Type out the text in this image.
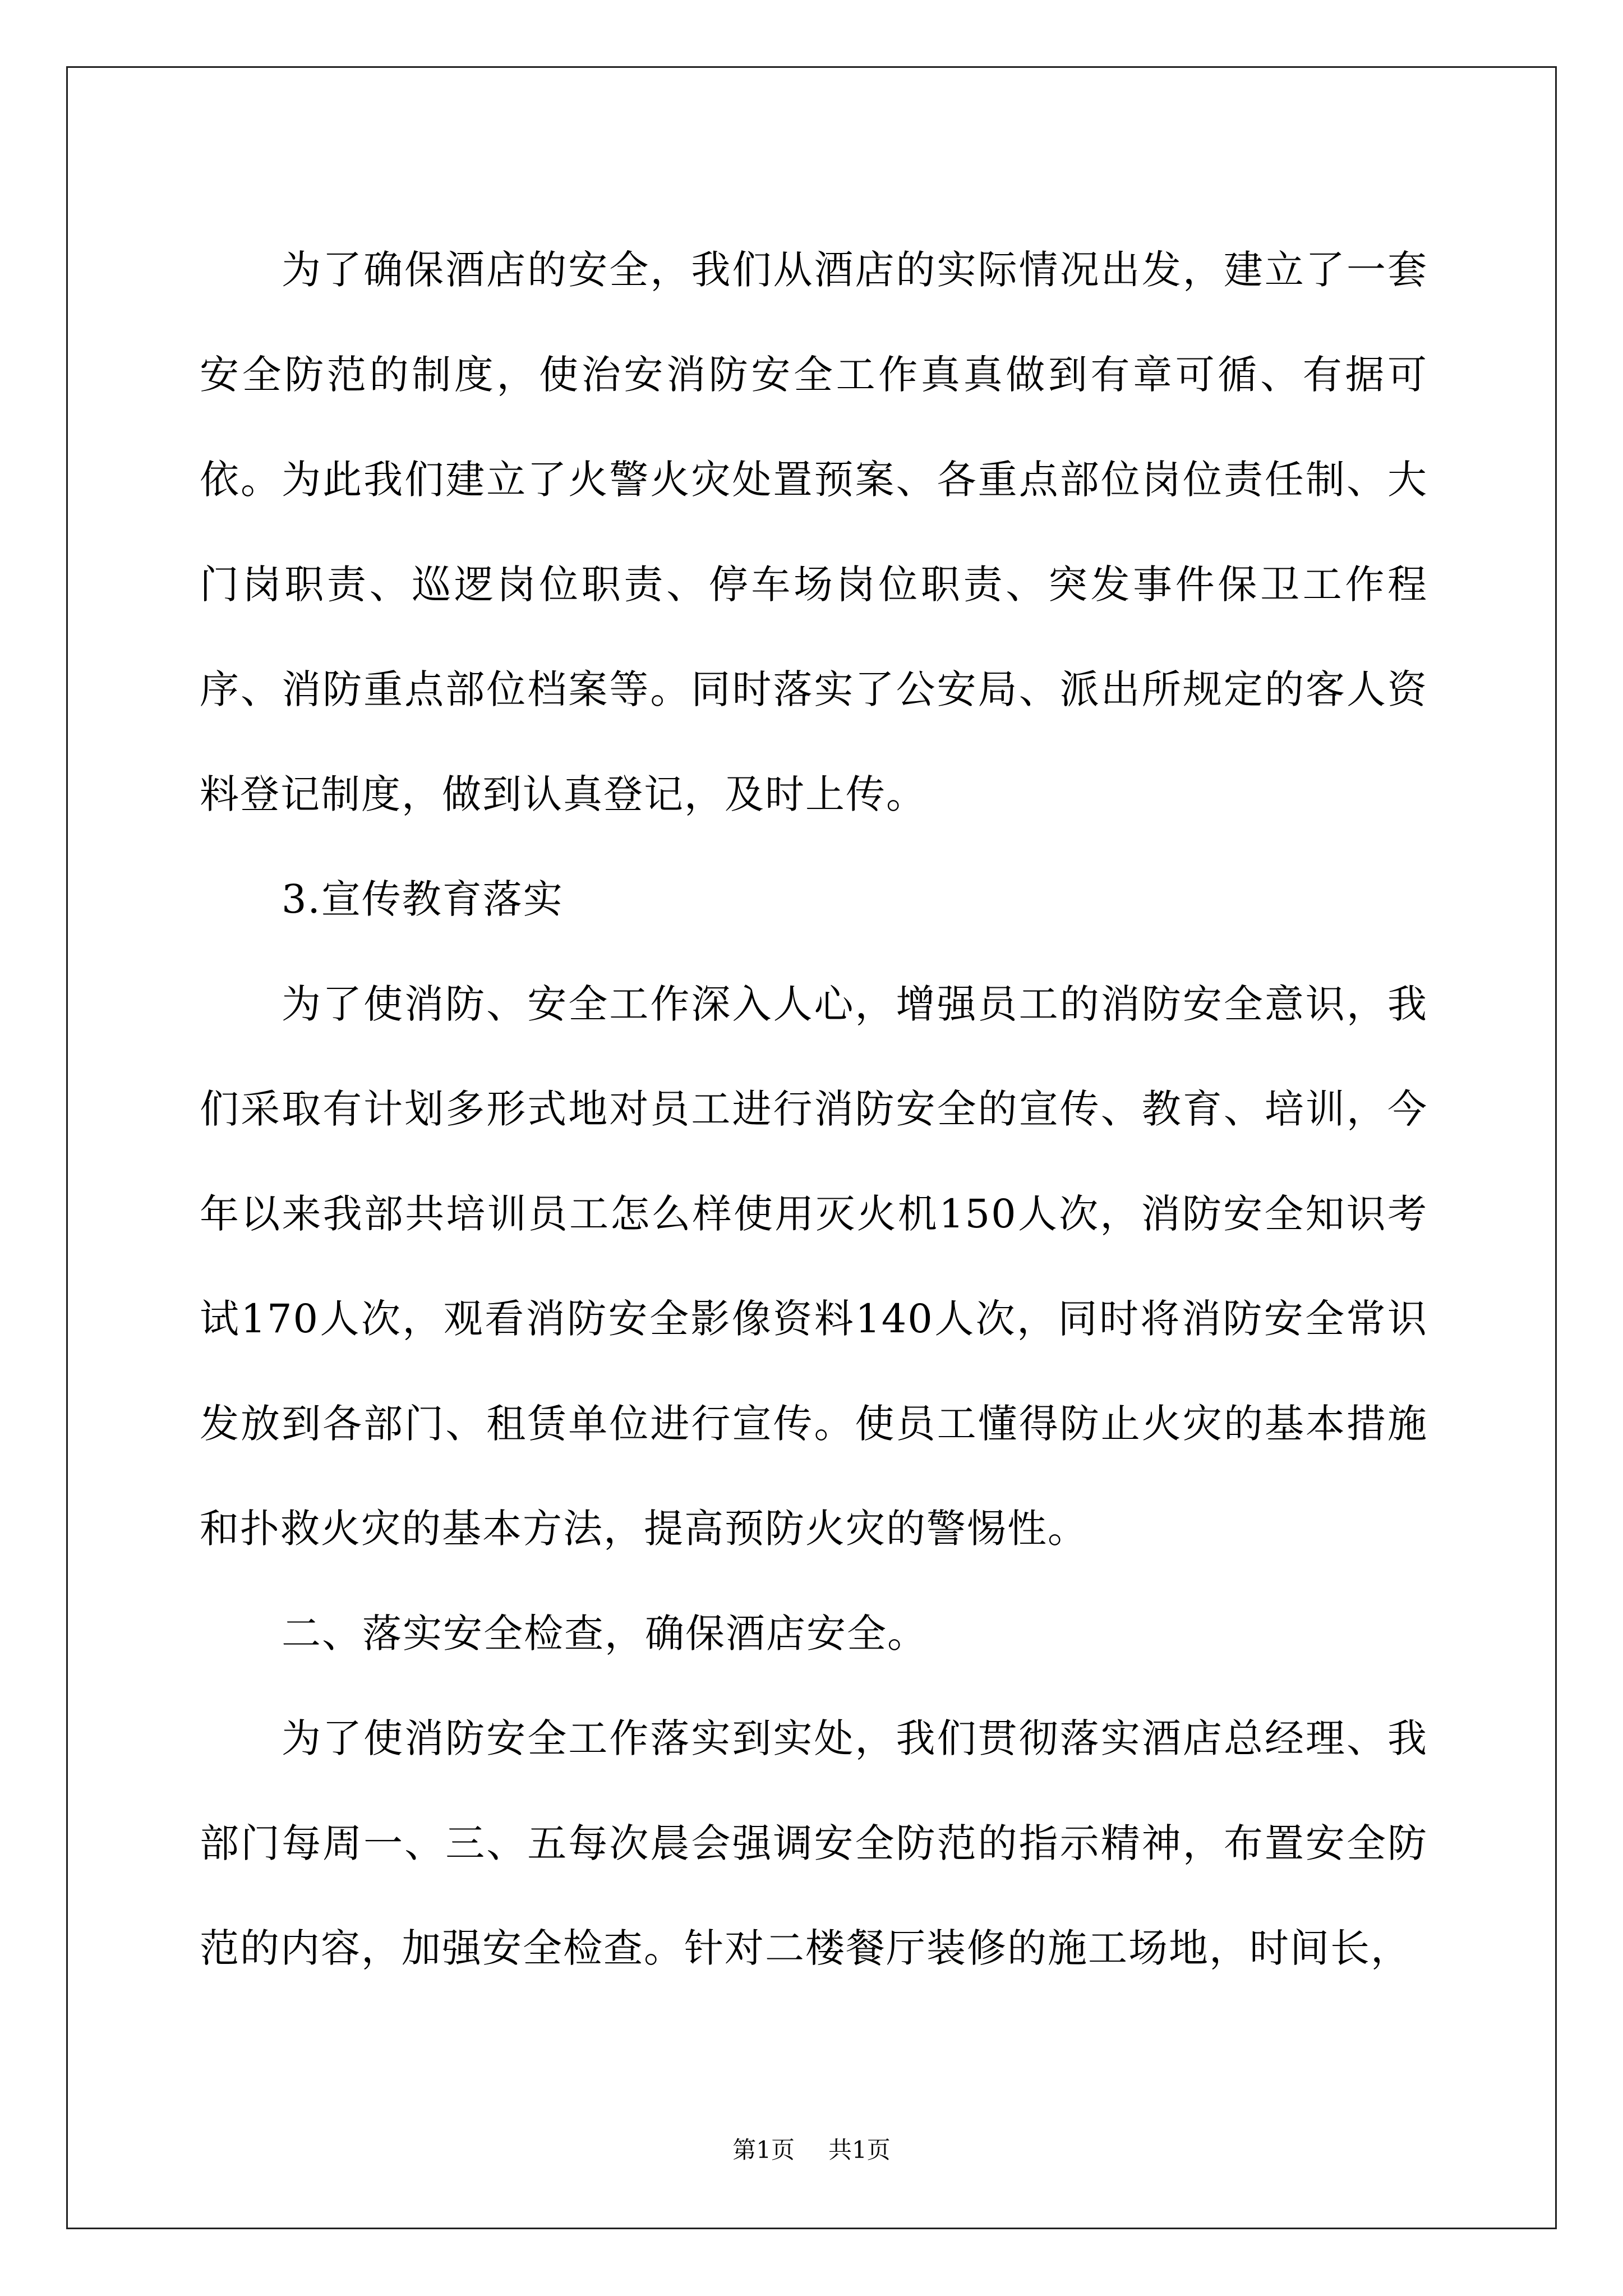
为了确保酒店的安全，我们从酒店的实际情况出发，建立了一套安全防范的制度，使治安消防安全工作真真做到有章可循、有据可依。为此我们建立了火警火灾处置预案、各重点部位岗位责任制、大门岗职责、巡逻岗位职责、停车场岗位职责、突发事件保卫工作程序、消防重点部位档案等。同时落实了公安局、派出所规定的客人资料登记制度，做到认真登记，及时上传。

3.宣传教育落实

为了使消防、安全工作深入人心，增强员工的消防安全意识，我们采取有计划多形式地对员工进行消防安全的宣传、教育、培训，今年以来我部共培训员工怎么样使用灭火机150人次，消防安全知识考试170人次，观看消防安全影像资料140人次，同时将消防安全常识发放到各部门、租赁单位进行宣传。使员工懂得防止火灾的基本措施和扑救火灾的基本方法，提高预防火灾的警惕性。

二、落实安全检查，确保酒店安全。

为了使消防安全工作落实到实处，我们贯彻落实酒店总经理、我部门每周一、三、五每次晨会强调安全防范的指示精神，布置安全防范的内容，加强安全检查。针对二楼餐厅装修的施工场地，时间长，

第1页 共1页
